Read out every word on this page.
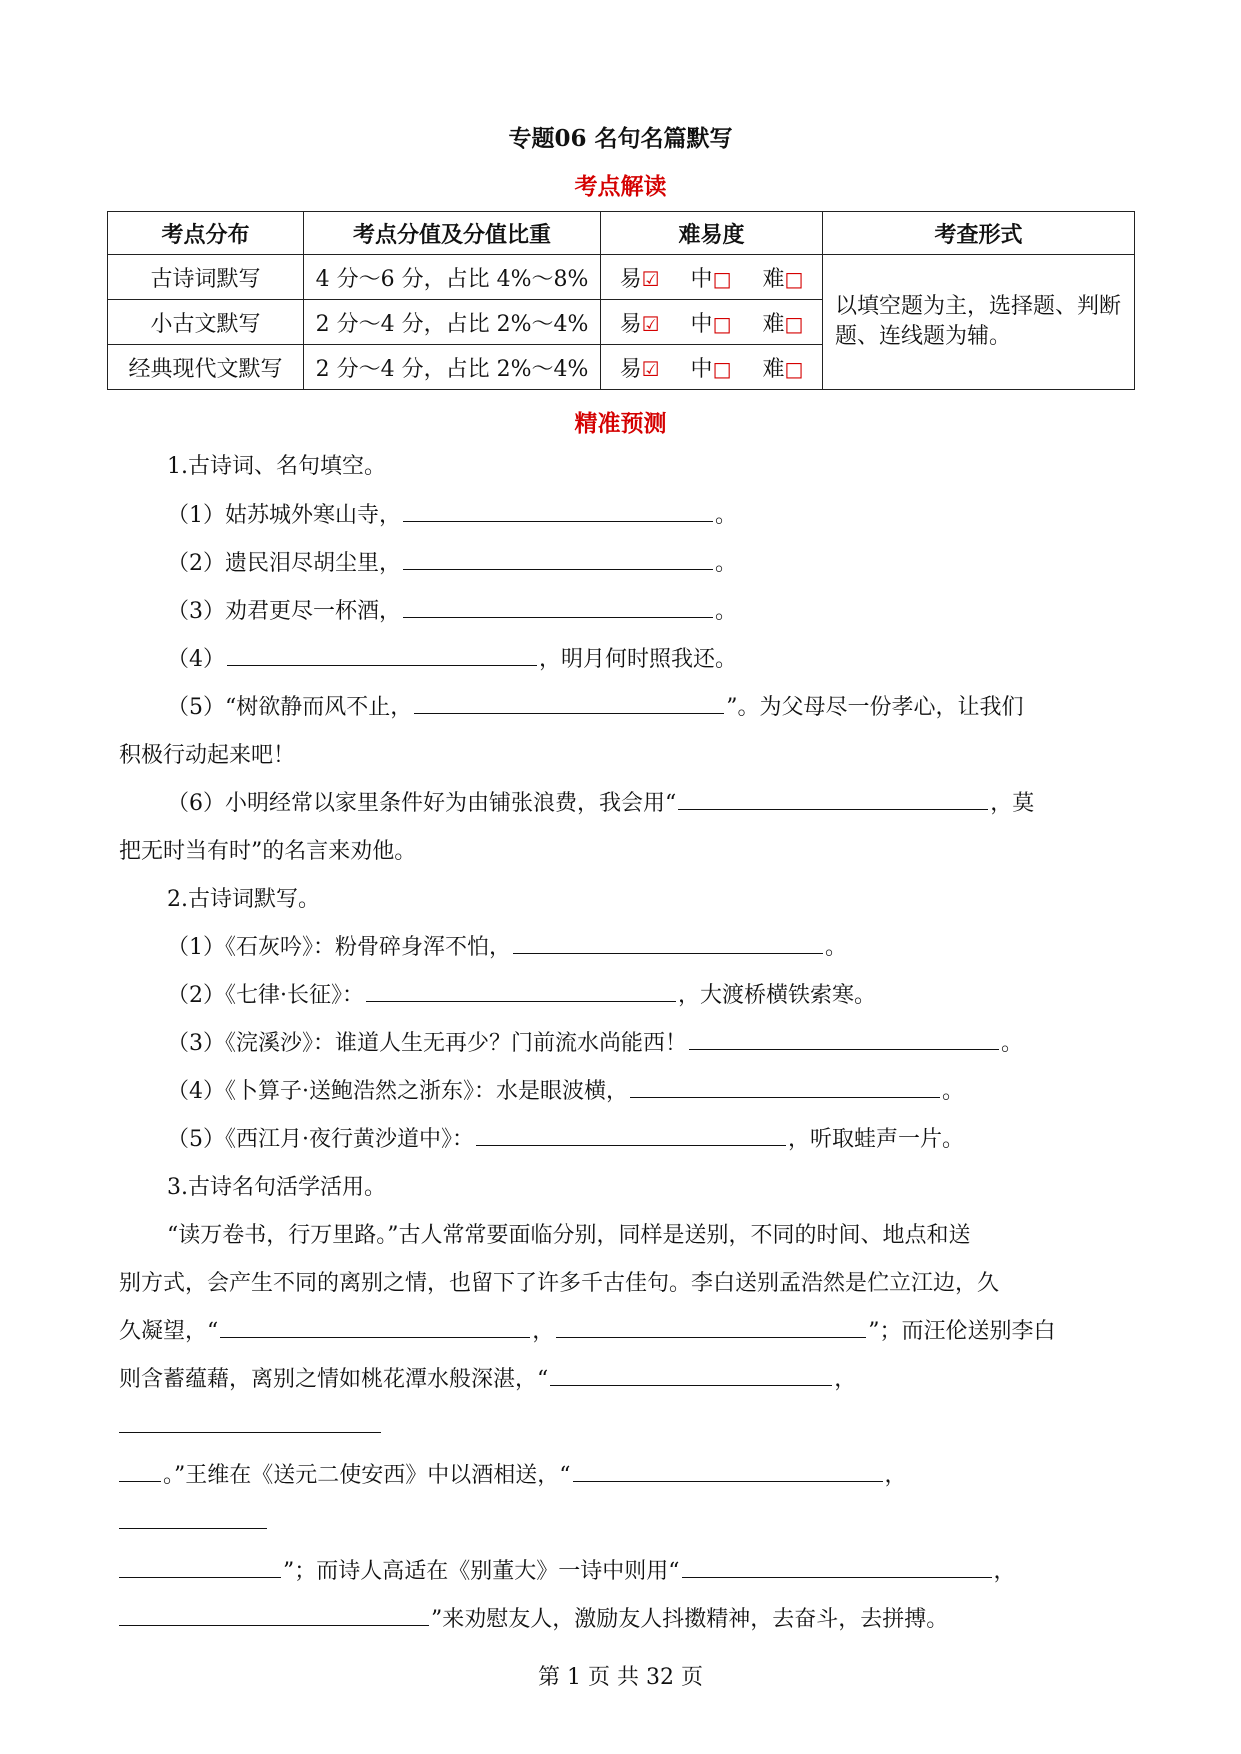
专题06 名句名篇默写
考点解读
考点分布	考点分值及分值比重	难易度	考查形式
古诗词默写	4 分～6 分，占比 4%～8%	易☑ 中□ 难□	以填空题为主，选择题、判断题、连线题为辅。
小古文默写	2 分～4 分，占比 2%～4%	易☑ 中□ 难□	
经典现代文默写	2 分～4 分，占比 2%～4%	易☑ 中□ 难□	
精准预测
1.古诗词、名句填空。
（1）姑苏城外寒山寺，	。
（2）遗民泪尽胡尘里，	。
（3）劝君更尽一杯酒，	。
（4）	，明月何时照我还。
（5）“树欲静而风不止，	”。为父母尽一份孝心，让我们
积极行动起来吧！
（6）小明经常以家里条件好为由铺张浪费，我会用“	，莫
把无时当有时”的名言来劝他。
2.古诗词默写。
（1）《石灰吟》：粉骨碎身浑不怕，	。
（2）《七律·长征》：	，大渡桥横铁索寒。
（3）《浣溪沙》：谁道人生无再少？门前流水尚能西！	。
（4）《卜算子·送鲍浩然之浙东》：水是眼波横，	。
（5）《西江月·夜行黄沙道中》：	，听取蛙声一片。
3.古诗名句活学活用。
“读万卷书，行万里路。”古人常常要面临分别，同样是送别，不同的时间、地点和送
别方式，会产生不同的离别之情，也留下了许多千古佳句。李白送别孟浩然是伫立江边，久
久凝望，“	，	”；而汪伦送别李白
则含蓄蕴藉，离别之情如桃花潭水般深湛，“	，
。”王维在《送元二使安西》中以酒相送，“	，
”；而诗人高适在《别董大》一诗中则用“	，
”来劝慰友人，激励友人抖擞精神，去奋斗，去拼搏。
第 1 页 共 32 页
